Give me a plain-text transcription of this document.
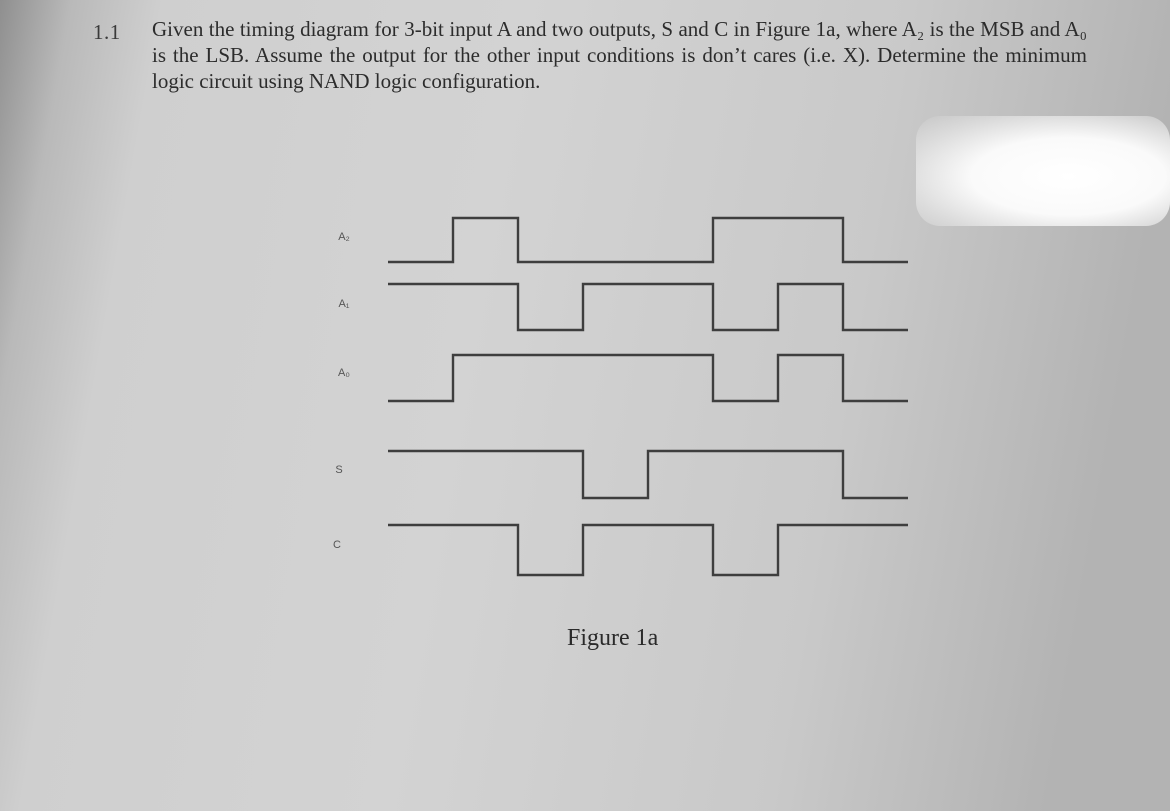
1.1 Given the timing diagram for 3-bit input A and two outputs, S and C in Figure 1a, where A₂ is the MSB and A₀ is the LSB. Assume the output for the other input conditions is don’t cares (i.e. X). Determine the minimum logic circuit using NAND logic configuration.
A₂
A₁
A₀
S
C
Figure 1a
